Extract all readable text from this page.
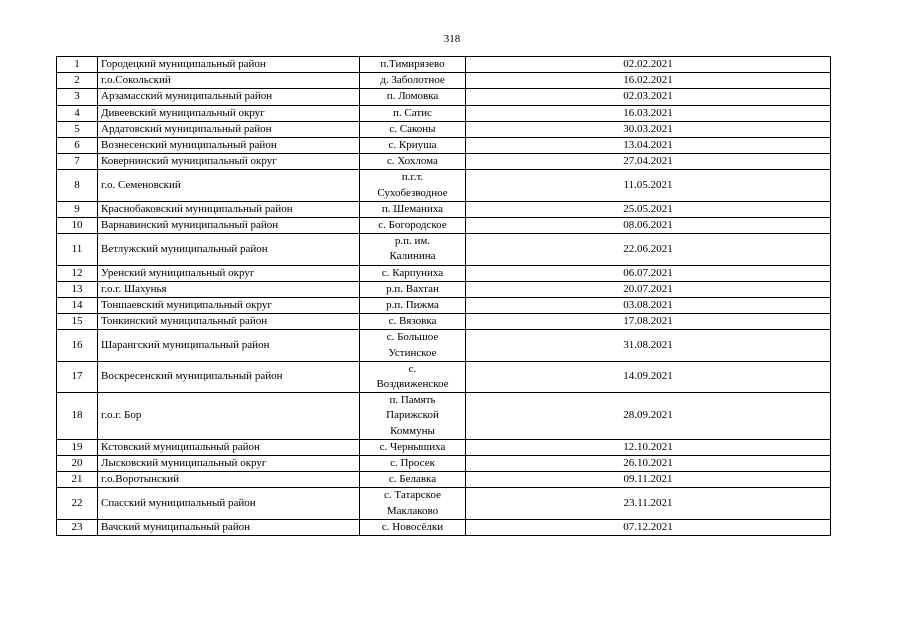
318
1	Городецкий муниципальный район	п.Тимирязево	02.02.2021
2	г.о.Сокольский	д. Заболотное	16.02.2021
3	Арзамасский муниципальный район	п. Ломовка	02.03.2021
4	Дивеевский муниципальный округ	п. Сатис	16.03.2021
5	Ардатовский муниципальный район	с. Саконы	30.03.2021
6	Вознесенский муниципальный район	с. Криуша	13.04.2021
7	Ковернинский муниципальный округ	с. Хохлома	27.04.2021
8	г.о. Семеновский	п.г.т.
Сухобезводное	11.05.2021
9	Краснобаковский муниципальный район	п. Шеманиха	25.05.2021
10	Варнавинский муниципальный район	с. Богородское	08.06.2021
11	Ветлужский муниципальный район	р.п. им.
Калинина	22.06.2021
12	Уренский муниципальный округ	с. Карпуниха	06.07.2021
13	г.о.г. Шахунья	р.п. Вахтан	20.07.2021
14	Тоншаевский муниципальный округ	р.п. Пижма	03.08.2021
15	Тонкинский муниципальный район	с. Вязовка	17.08.2021
16	Шарангский муниципальный район	с. Большое
Устинское	31.08.2021
17	Воскресенский муниципальный район	с.
Воздвиженское	14.09.2021
18	г.о.г. Бор	п. Память
Парижской
Коммуны	28.09.2021
19	Кстовский муниципальный район	с. Чернышиха	12.10.2021
20	Лысковский муниципальный округ	с. Просек	26.10.2021
21	г.о.Воротынский	с. Белавка	09.11.2021
22	Спасский муниципальный район	с. Татарское
Маклаково	23.11.2021
23	Вачский муниципальный район	с. Новосёлки	07.12.2021
